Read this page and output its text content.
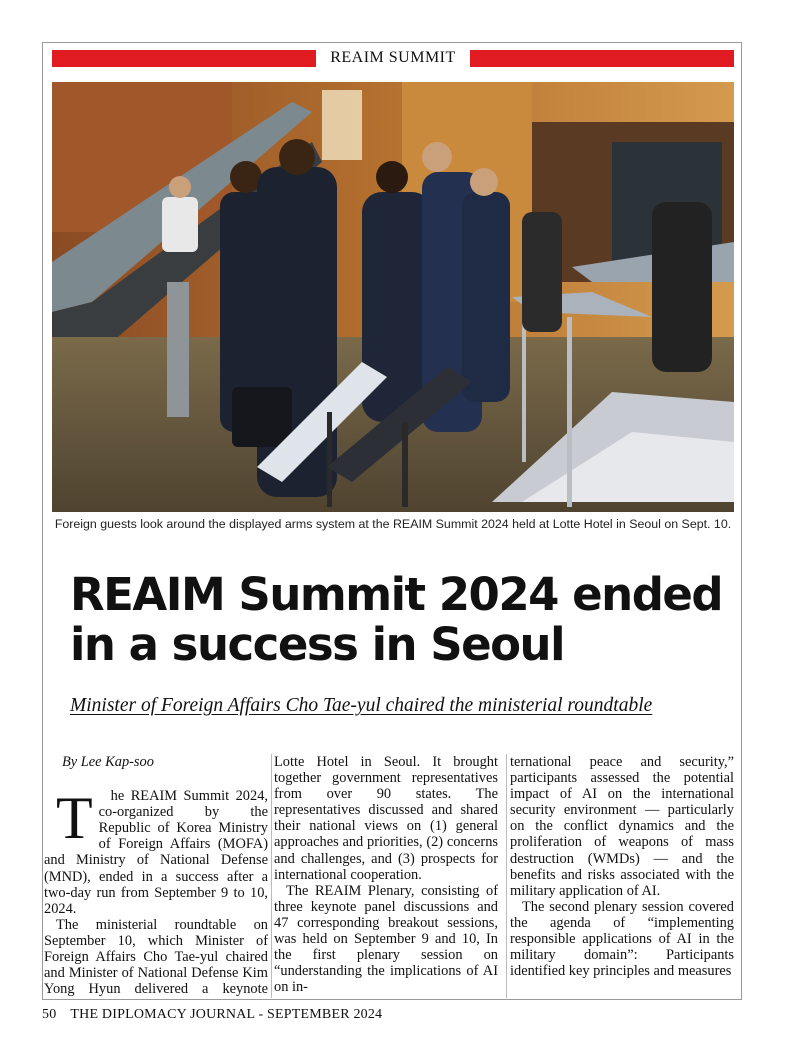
REAIM SUMMIT
Foreign guests look around the displayed arms system at the REAIM Summit 2024 held at Lotte Hotel in Seoul on Sept. 10.
REAIM Summit 2024 ended
in a success in Seoul
Minister of Foreign Affairs Cho Tae-yul chaired the ministerial roundtable

By Lee Kap-soo

T he REAIM Summit 2024, co-organized by the Republic of Korea Ministry of Foreign Affairs (MOFA) and Ministry of National Defense (MND), ended in a success after a two-day run from September 9 to 10, 2024.

The ministerial roundtable on September 10, which Minister of Foreign Affairs Cho Tae-yul chaired and Minister of National Defense Kim Yong Hyun delivered a keynote

Lotte Hotel in Seoul. It brought together government representatives from over 90 states. The representatives discussed and shared their national views on (1) general approaches and priorities, (2) concerns and challenges, and (3) prospects for international cooperation.

The REAIM Plenary, consisting of three keynote panel discussions and 47 corresponding breakout sessions, was held on September 9 and 10, In the first plenary session on “understanding the implications of AI on in-

ternational peace and security,” participants assessed the potential impact of AI on the international security environment — particularly on the conflict dynamics and the proliferation of weapons of mass destruction (WMDs) — and the benefits and risks associated with the military application of AI.

The second plenary session covered the agenda of “implementing responsible applications of AI in the military domain”: Participants identified key principles and measures

50 THE DIPLOMACY JOURNAL - SEPTEMBER 2024
